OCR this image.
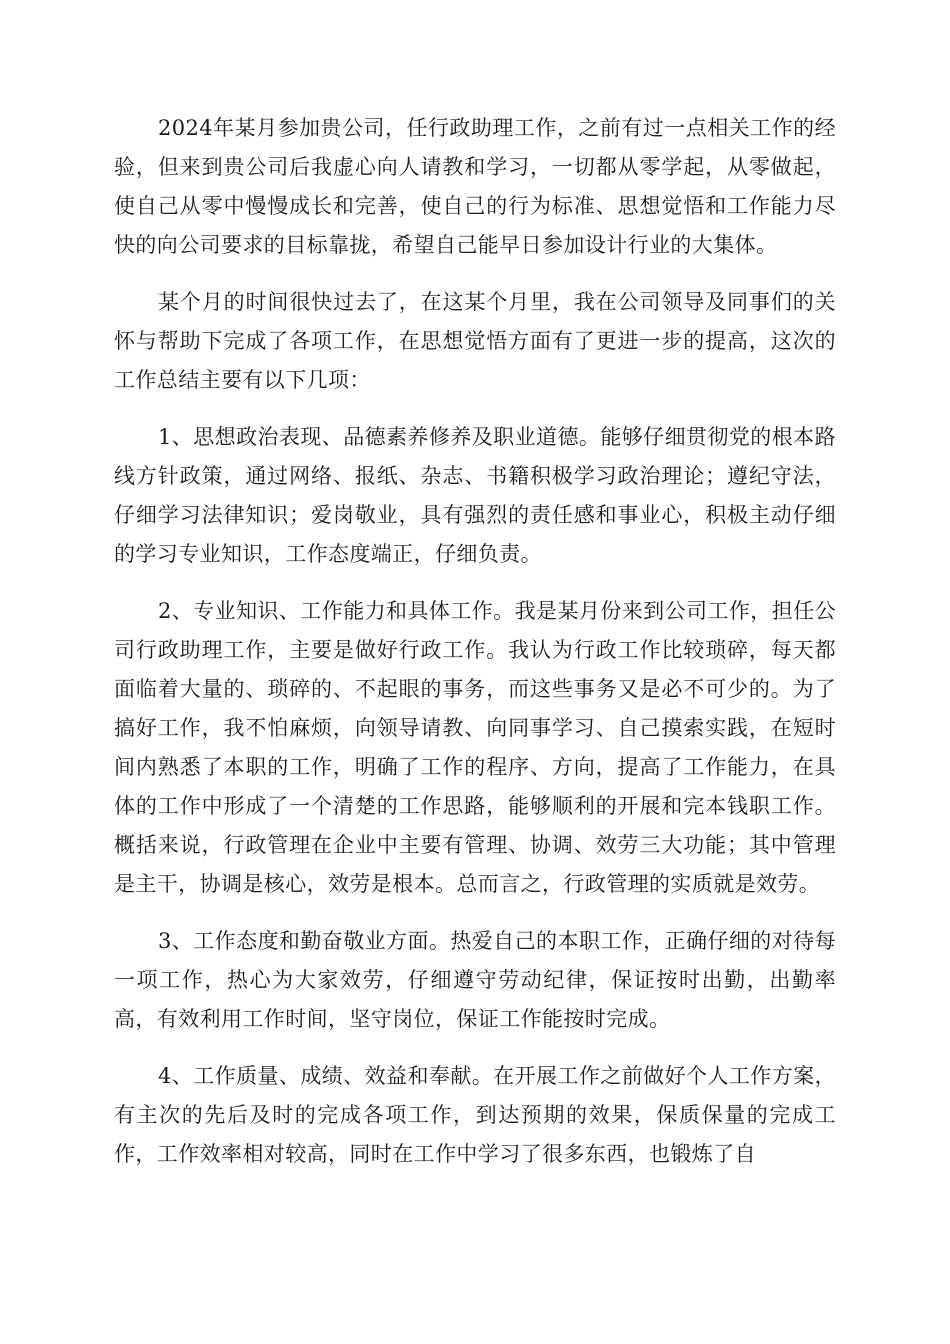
2024年某月参加贵公司，任行政助理工作，之前有过一点相关工作的经验，但来到贵公司后我虚心向人请教和学习，一切都从零学起，从零做起，使自己从零中慢慢成长和完善，使自己的行为标准、思想觉悟和工作能力尽快的向公司要求的目标靠拢，希望自己能早日参加设计行业的大集体。

某个月的时间很快过去了，在这某个月里，我在公司领导及同事们的关怀与帮助下完成了各项工作，在思想觉悟方面有了更进一步的提高，这次的工作总结主要有以下几项：

1、思想政治表现、品德素养修养及职业道德。能够仔细贯彻党的根本路线方针政策，通过网络、报纸、杂志、书籍积极学习政治理论；遵纪守法，仔细学习法律知识；爱岗敬业，具有强烈的责任感和事业心，积极主动仔细的学习专业知识，工作态度端正，仔细负责。

2、专业知识、工作能力和具体工作。我是某月份来到公司工作，担任公司行政助理工作，主要是做好行政工作。我认为行政工作比较琐碎，每天都面临着大量的、琐碎的、不起眼的事务，而这些事务又是必不可少的。为了搞好工作，我不怕麻烦，向领导请教、向同事学习、自己摸索实践，在短时间内熟悉了本职的工作，明确了工作的程序、方向，提高了工作能力，在具体的工作中形成了一个清楚的工作思路，能够顺利的开展和完本钱职工作。概括来说，行政管理在企业中主要有管理、协调、效劳三大功能；其中管理是主干，协调是核心，效劳是根本。总而言之，行政管理的实质就是效劳。

3、工作态度和勤奋敬业方面。热爱自己的本职工作，正确仔细的对待每一项工作，热心为大家效劳，仔细遵守劳动纪律，保证按时出勤，出勤率高，有效利用工作时间，坚守岗位，保证工作能按时完成。

4、工作质量、成绩、效益和奉献。在开展工作之前做好个人工作方案，有主次的先后及时的完成各项工作，到达预期的效果，保质保量的完成工作，工作效率相对较高，同时在工作中学习了很多东西，也锻炼了自
